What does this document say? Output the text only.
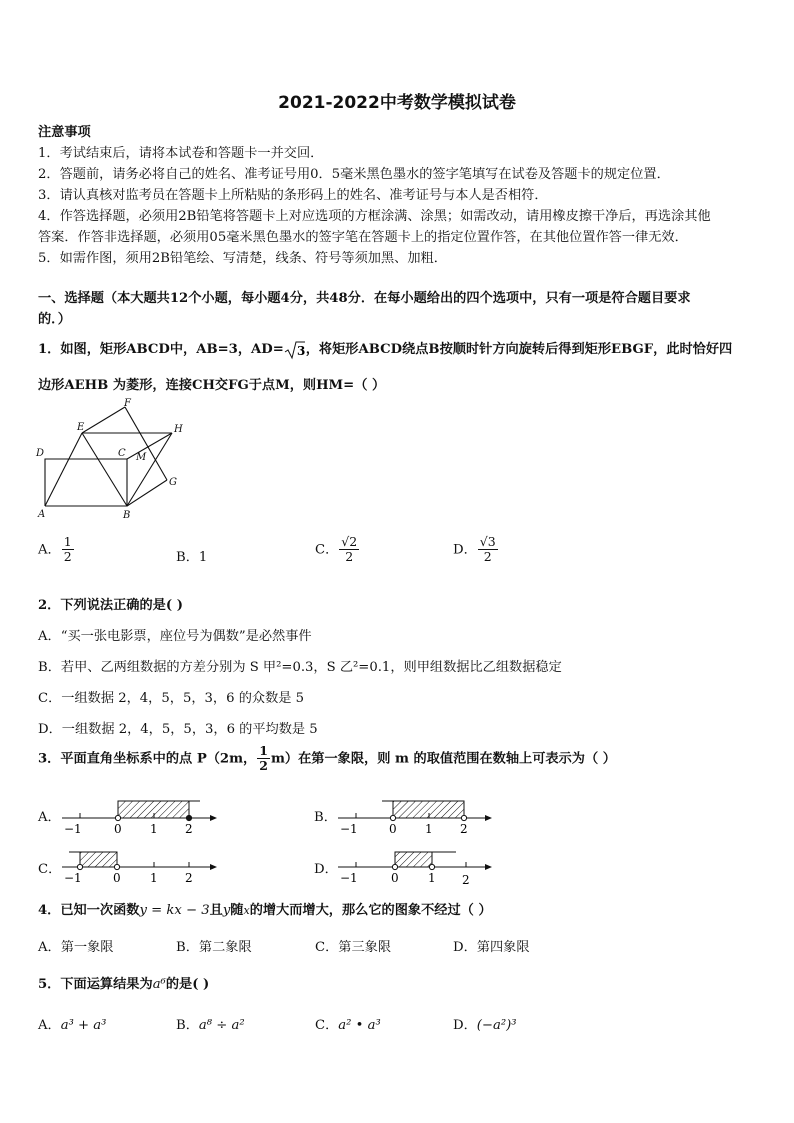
2021-2022中考数学模拟试卷
注意事项
1．考试结束后，请将本试卷和答题卡一并交回．
2．答题前，请务必将自己的姓名、准考证号用0．5毫米黑色墨水的签字笔填写在试卷及答题卡的规定位置．
3．请认真核对监考员在答题卡上所粘贴的条形码上的姓名、准考证号与本人是否相符．
4．作答选择题，必须用2B铅笔将答题卡上对应选项的方框涂满、涂黑；如需改动，请用橡皮擦干净后，再选涂其他
答案．作答非选择题，必须用05毫米黑色墨水的签字笔在答题卡上的指定位置作答，在其他位置作答一律无效．
5．如需作图，须用2B铅笔绘、写清楚，线条、符号等须加黑、加粗．
一、选择题（本大题共12个小题，每小题4分，共48分．在每小题给出的四个选项中，只有一项是符合题目要求
的．）
1．如图，矩形ABCD中，AB=3，AD= 3 ，将矩形ABCD绕点B按顺时针方向旋转后得到矩形EBGF，此时恰好四
边形AEHB 为菱形，连接CH交FG于点M，则HM=（ ）
F
E	H
D	C M
G
A	B
A． $\frac{1}{2}$	B．1
C． $\frac{√2}{2}$	D． $\frac{√3}{2}$
2．下列说法正确的是( )
A．“买一张电影票，座位号为偶数”是必然事件
B．若甲、乙两组数据的方差分别为 S 甲²=0.3，S 乙²=0.1，则甲组数据比乙组数据稳定
C．一组数据 2，4，5，5，3，6 的众数是 5
D．一组数据 2，4，5，5，3，6 的平均数是 5
3．平面直角坐标系中的点 P（2m， $\frac{1}{2} m$）在第一象限，则 m 的取值范围在数轴上可表示为（ ）
A．	B．
C．	D．
−1	0 1 2	−1	0 1 2
−1	0 1 2	−1	0 1 2
4．已知一次函数y = kx − 3且y随x的增大而增大，那么它的图象不经过（ ）
A．第一象限	B．第二象限	C．第三象限	D．第四象限
5．下面运算结果为a⁶的是( )
A．a³ + a³	B．a⁸ ÷ a²	C．a² • a³	D．(−a²)³
